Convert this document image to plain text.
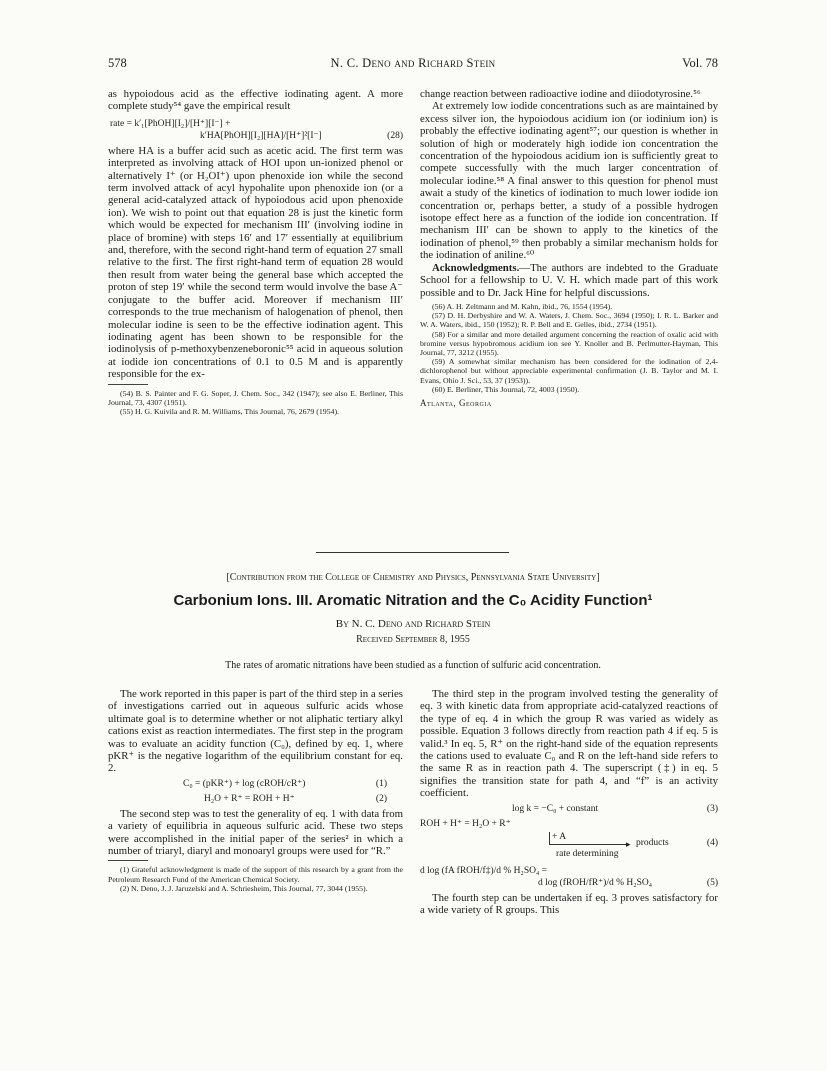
578	N. C. Deno and Richard Stein	Vol. 78

as hypoiodous acid as the effective iodinating agent. A more complete study⁵⁴ gave the empirical result

rate = k′₁[PhOH][I₂]/[H⁺][I⁻] +
k′HA[PhOH][I₂][HA]/[H⁺]²[I⁻]	(28)

where HA is a buffer acid such as acetic acid. The first term was interpreted as involving attack of HOI upon un-ionized phenol or alternatively I⁺ (or H₂OI⁺) upon phenoxide ion while the second term involved attack of acyl hypohalite upon phenoxide ion (or a general acid-catalyzed attack of hypoiodous acid upon phenoxide ion). We wish to point out that equation 28 is just the kinetic form which would be expected for mechanism III′ (involving iodine in place of bromine) with steps 16′ and 17′ essentially at equilibrium and, therefore, with the second right-hand term of equation 27 small relative to the first. The first right-hand term of equation 28 would then result from water being the general base which accepted the proton of step 19′ while the second term would involve the base A⁻ conjugate to the buffer acid. Moreover if mechanism III′ corresponds to the true mechanism of halogenation of phenol, then molecular iodine is seen to be the effective iodination agent. This iodinating agent has been shown to be responsible for the iodinolysis of p-methoxybenzeneboronic⁵⁵ acid in aqueous solution at iodide ion concentrations of 0.1 to 0.5 M and is apparently responsible for the ex-

(54) B. S. Painter and F. G. Soper, J. Chem. Soc., 342 (1947); see also E. Berliner, This Journal, 73, 4307 (1951).

(55) H. G. Kuivila and R. M. Williams, This Journal, 76, 2679 (1954).

change reaction between radioactive iodine and diiodotyrosine.⁵⁶

At extremely low iodide concentrations such as are maintained by excess silver ion, the hypoiodous acidium ion (or iodinium ion) is probably the effective iodinating agent⁵⁷; our question is whether in solution of high or moderately high iodide ion concentration the concentration of the hypoiodous acidium ion is sufficiently great to compete successfully with the much larger concentration of molecular iodine.⁵⁸ A final answer to this question for phenol must await a study of the kinetics of iodination to much lower iodide ion concentration or, perhaps better, a study of a possible hydrogen isotope effect here as a function of the iodide ion concentration. If mechanism III′ can be shown to apply to the kinetics of the iodination of phenol,⁵⁹ then probably a similar mechanism holds for the iodination of aniline.⁶⁰

Acknowledgments.—The authors are indebted to the Graduate School for a fellowship to U. V. H. which made part of this work possible and to Dr. Jack Hine for helpful discussions.

(56) A. H. Zeltmann and M. Kahn, ibid., 76, 1554 (1954).

(57) D. H. Derbyshire and W. A. Waters, J. Chem. Soc., 3694 (1950); I. R. L. Barker and W. A. Waters, ibid., 150 (1952); R. P. Bell and E. Gelles, ibid., 2734 (1951).

(58) For a similar and more detailed argument concerning the reaction of oxalic acid with bromine versus hypobromous acidium ion see Y. Knoller and B. Perlmutter-Hayman, This Journal, 77, 3212 (1955).

(59) A somewhat similar mechanism has been considered for the iodination of 2,4-dichlorophenol but without appreciable experimental confirmation (J. B. Taylor and M. I. Evans, Ohio J. Sci., 53, 37 (1953)).

(60) E. Berliner, This Journal, 72, 4003 (1950).

Atlanta, Georgia
[Contribution from the College of Chemistry and Physics, Pennsylvania State University]
Carbonium Ions. III. Aromatic Nitration and the C₀ Acidity Function¹
By N. C. Deno and Richard Stein
Received September 8, 1955
The rates of aromatic nitrations have been studied as a function of sulfuric acid concentration.

The work reported in this paper is part of the third step in a series of investigations carried out in aqueous sulfuric acids whose ultimate goal is to determine whether or not aliphatic tertiary alkyl cations exist as reaction intermediates. The first step in the program was to evaluate an acidity function (C₀), defined by eq. 1, where pKR⁺ is the negative logarithm of the equilibrium constant for eq. 2.

C₀ = (pKR⁺) + log (cROH/cR⁺)	(1)
H₂O + R⁺ = ROH + H⁺	(2)

The second step was to test the generality of eq. 1 with data from a variety of equilibria in aqueous sulfuric acid. These two steps were accomplished in the initial paper of the series² in which a number of triaryl, diaryl and monoaryl groups were used for “R.”

(1) Grateful acknowledgment is made of the support of this research by a grant from the Petroleum Research Fund of the American Chemical Society.

(2) N. Deno, J. J. Jaruzelski and A. Schriesheim, This Journal, 77, 3044 (1955).

The third step in the program involved testing the generality of eq. 3 with kinetic data from appropriate acid-catalyzed reactions of the type of eq. 4 in which the group R was varied as widely as possible. Equation 3 follows directly from reaction path 4 if eq. 5 is valid.³ In eq. 5, R⁺ on the right-hand side of the equation represents the cations used to evaluate C₀ and R on the left-hand side refers to the same R as in reaction path 4. The superscript (‡) in eq. 5 signifies the transition state for path 4, and “f” is an activity coefficient.

log k = −C₀ + constant	(3)
ROH + H⁺ = H₂O + R⁺
+ A
▸ products	(4)
rate determining
d log (fA fROH/f‡)/d % H₂SO₄ =
d log (fROH/fR⁺)/d % H₂SO₄	(5)

The fourth step can be undertaken if eq. 3 proves satisfactory for a wide variety of R groups. This
